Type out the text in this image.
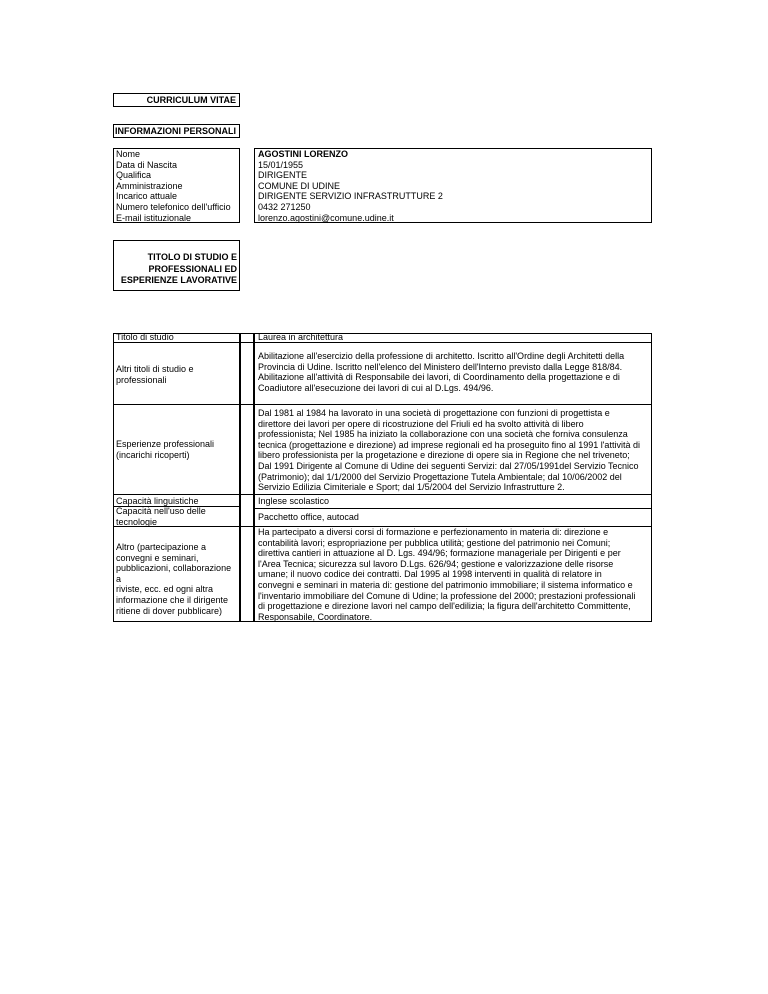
CURRICULUM VITAE
INFORMAZIONI PERSONALI
Nome
Data di Nascita
Qualifica
Amministrazione
Incarico attuale
Numero telefonico dell'ufficio
E-mail istituzionale
AGOSTINI LORENZO
15/01/1955
DIRIGENTE
COMUNE DI UDINE
DIRIGENTE SERVIZIO INFRASTRUTTURE 2
0432 271250
lorenzo.agostini@comune.udine.it
TITOLO DI STUDIO E
PROFESSIONALI ED
ESPERIENZE LAVORATIVE
Titolo di studio	Laurea in architettura
Altri titoli di studio e
professionali
Abilitazione all'esercizio della professione di architetto. Iscritto all'Ordine degli Architetti della
Provincia di Udine. Iscritto nell'elenco del Ministero dell'Interno previsto dalla Legge 818/84.
Abilitazione all'attività di Responsabile dei lavori, di Coordinamento della progettazione e di
Coadiutore all'esecuzione dei lavori di cui al D.Lgs. 494/96.
Esperienze professionali
(incarichi ricoperti)
Dal 1981 al 1984 ha lavorato in una società di progettazione con funzioni di progettista e
direttore dei lavori per opere di ricostruzione del Friuli ed ha svolto attività di libero
professionista; Nel 1985 ha iniziato la collaborazione con una società che forniva consulenza
tecnica (progettazione e direzione) ad imprese regionali ed ha proseguito fino al 1991 l'attività di
libero professionista per la progetazione e direzione di opere sia in Regione che nel triveneto;
Dal 1991 Dirigente al Comune di Udine dei seguenti Servizi: dal 27/05/1991del Servizio Tecnico
(Patrimonio); dal 1/1/2000 del Servizio Progettazione Tutela Ambientale; dal 10/06/2002 del
Servizio Edilizia Cimiteriale e Sport; dal 1/5/2004 del Servizio Infrastrutture 2.
Capacità linguistiche
Capacità nell'uso delle
tecnologie
Inglese scolastico
Pacchetto office, autocad
Altro (partecipazione a
convegni e seminari,
pubblicazioni, collaborazione a
riviste, ecc. ed ogni altra
informazione che il dirigente
ritiene di dover pubblicare)
Ha partecipato a diversi corsi di formazione e perfezionamento in materia di: direzione e
contabilità lavori; espropriazione per pubblica utilità; gestione del patrimonio nei Comuni;
direttiva cantieri in attuazione al D. Lgs. 494/96; formazione manageriale per Dirigenti e per
l'Area Tecnica; sicurezza sul lavoro D.Lgs. 626/94; gestione e valorizzazione delle risorse
umane; il nuovo codice dei contratti. Dal 1995 al 1998 interventi in qualità di relatore in
convegni e seminari in materia di: gestione del patrimonio immobiliare; il sistema informatico e
l'inventario immobiliare del Comune di Udine; la professione del 2000; prestazioni professionali
di progettazione e direzione lavori nel campo dell'edilizia; la figura dell'architetto Committente,
Responsabile, Coordinatore.
